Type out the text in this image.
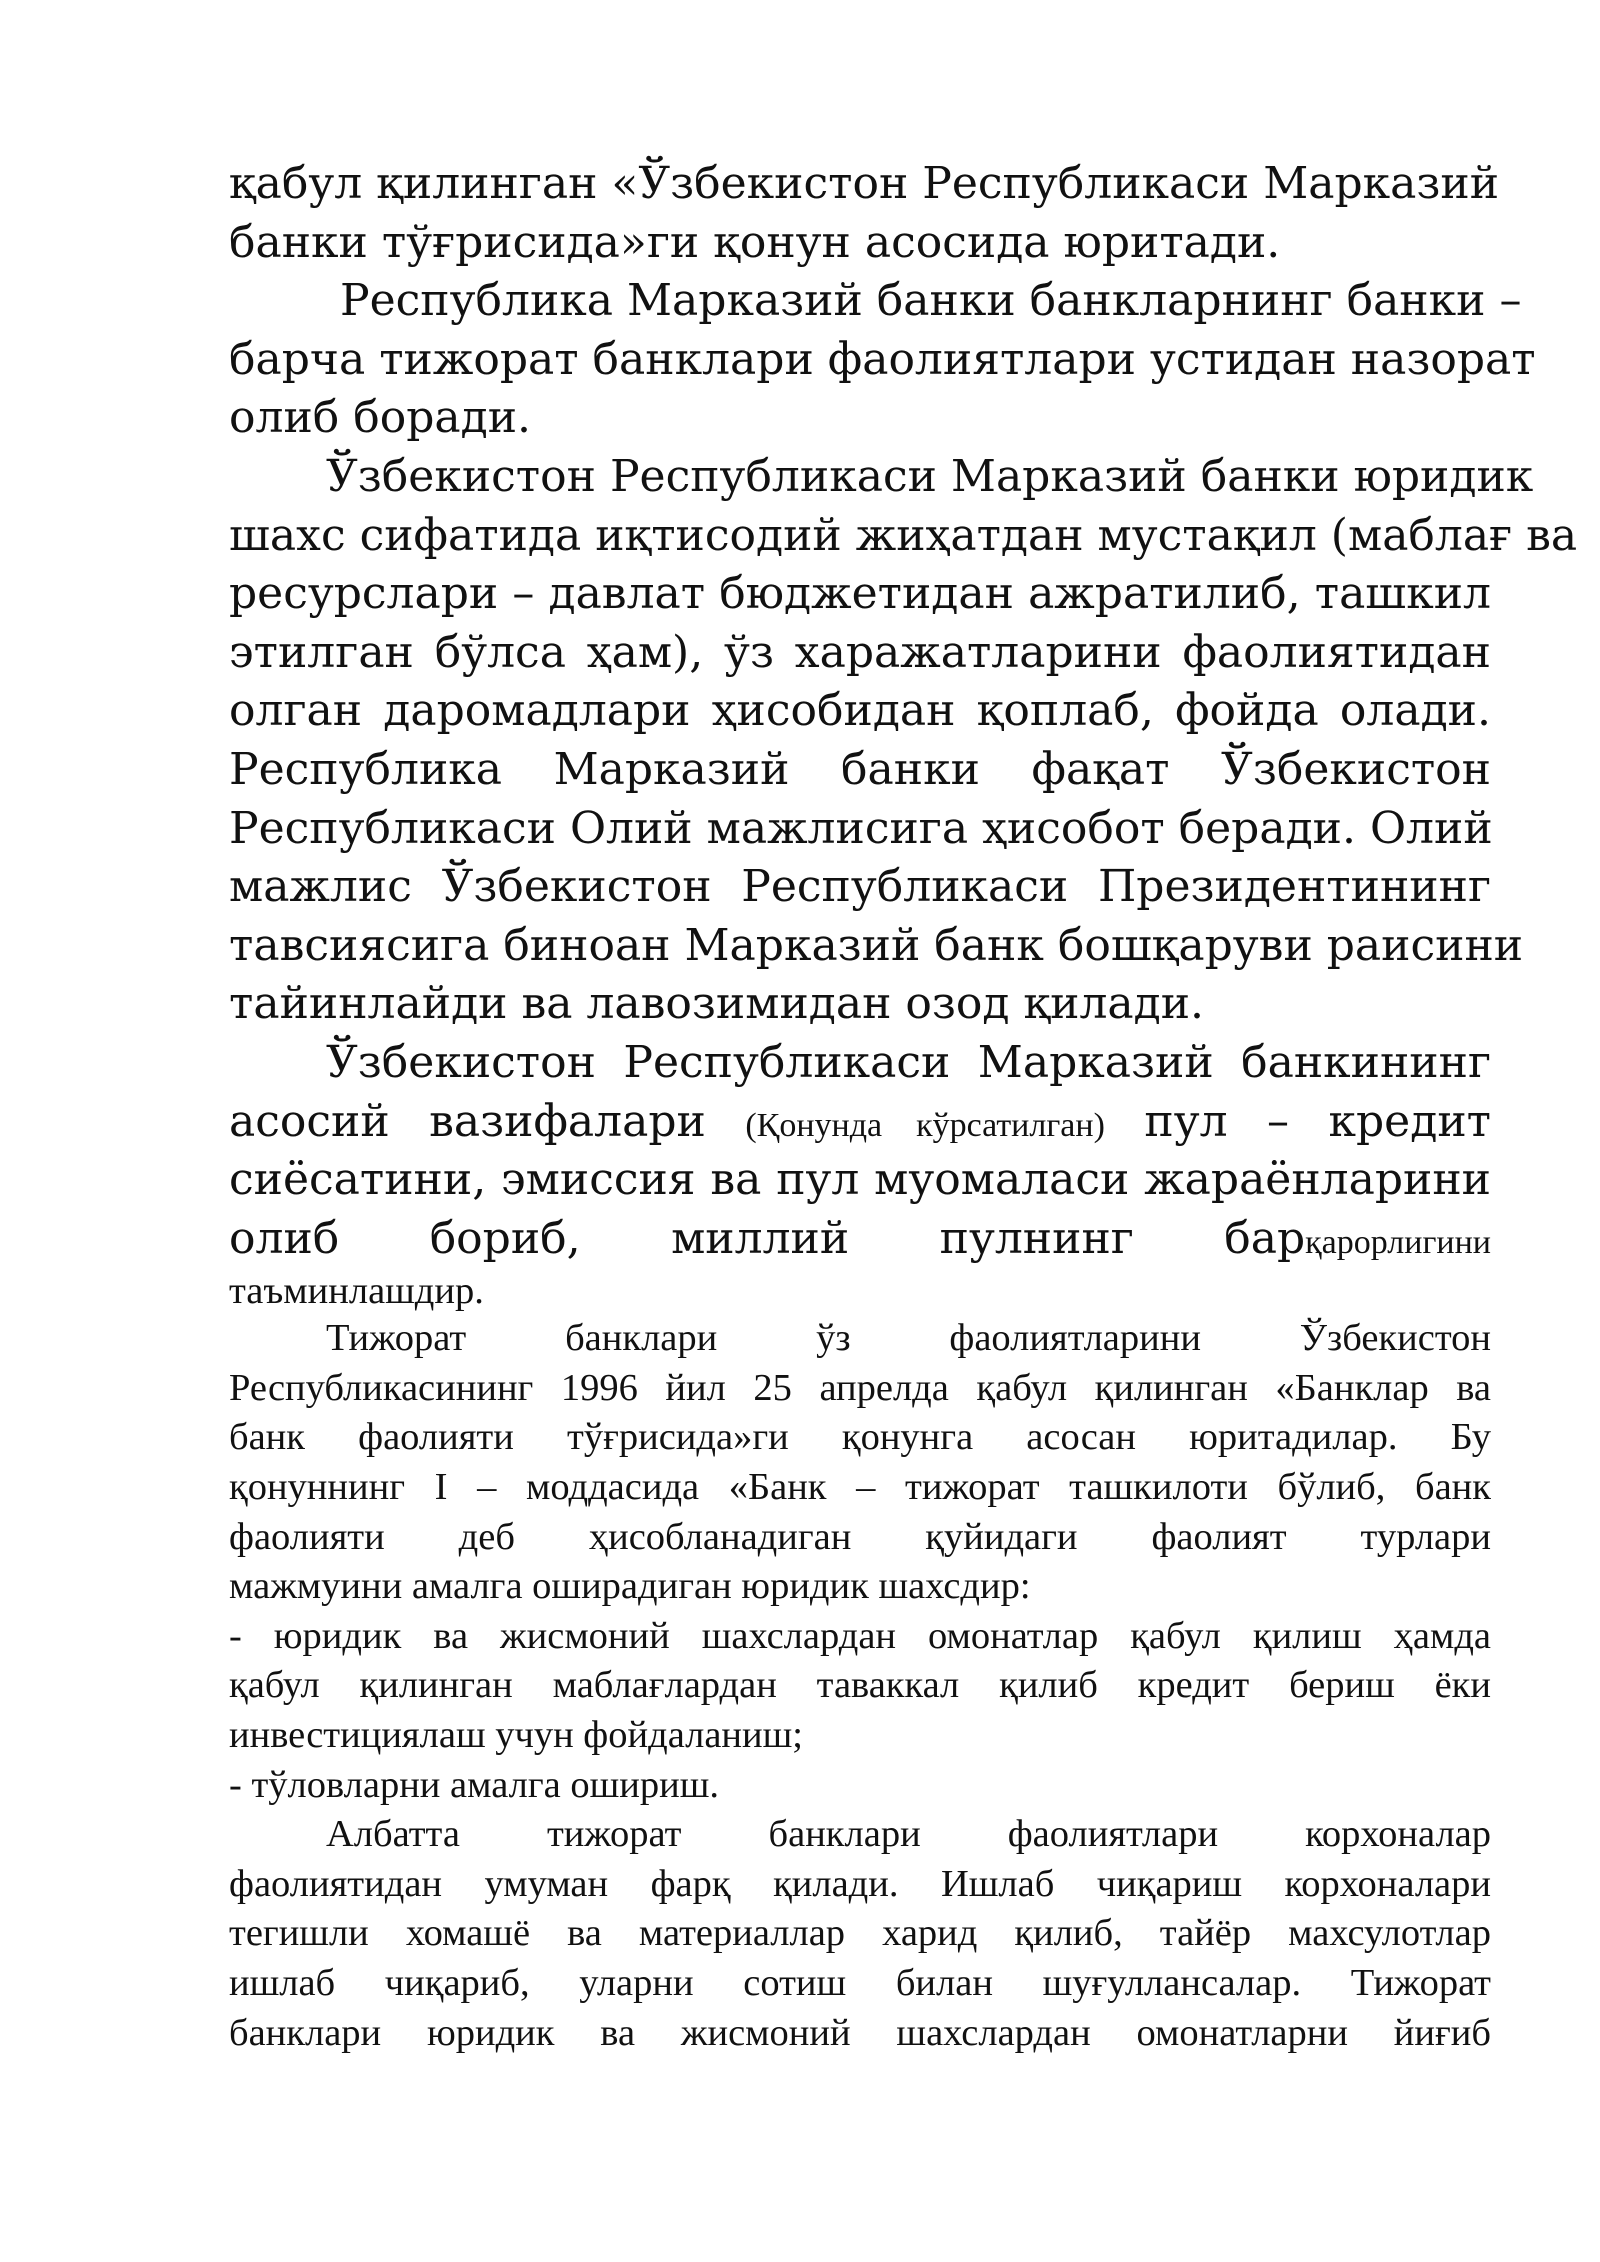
қабул қилинган «Ўзбекистон Республикаси Марказий
банки тўғрисида»ги қонун асосида юритади.
Республика Марказий банки банкларнинг банки –
барча тижорат банклари фаолиятлари устидан назорат
олиб боради.
Ўзбекистон Республикаси Марказий банки юридик
шахс сифатида иқтисодий жиҳатдан мустақил (маблағ ва
ресурслари – давлат бюджетидан ажратилиб, ташкил
этилган бўлса ҳам), ўз харажатларини фаолиятидан
олган даромадлари ҳисобидан қоплаб, фойда олади.
Республика Марказий банки фақат Ўзбекистон
Республикаси Олий мажлисига ҳисобот беради. Олий
мажлис Ўзбекистон Республикаси Президентининг
тавсиясига биноан Марказий банк бошқаруви раисини
тайинлайди ва лавозимидан озод қилади.
Ўзбекистон Республикаси Марказий банкининг
асосий вазифалари (Қонунда кўрсатилган) пул – кредит
сиёсатини, эмиссия ва пул муомаласи жараёнларини
олиб бориб, миллий пулнинг барқарорлигини
таъминлашдир.
Тижорат банклари ўз фаолиятларини Ўзбекистон
Республикасининг 1996 йил 25 апрелда қабул қилинган «Банклар ва
банк фаолияти тўғрисида»ги қонунга асосан юритадилар. Бу
қонуннинг I – моддасида «Банк – тижорат ташкилоти бўлиб, банк
фаолияти деб ҳисобланадиган қуйидаги фаолият турлари
мажмуини амалга оширадиган юридик шахсдир:
- юридик ва жисмоний шахслардан омонатлар қабул қилиш ҳамда
қабул қилинган маблағлардан таваккал қилиб кредит бериш ёки
инвестициялаш учун фойдаланиш;
- тўловларни амалга ошириш.
Албатта тижорат банклари фаолиятлари корхоналар
фаолиятидан умуман фарқ қилади. Ишлаб чиқариш корхоналари
тегишли хомашё ва материаллар харид қилиб, тайёр махсулотлар
ишлаб чиқариб, уларни сотиш билан шуғуллансалар. Тижорат
банклари юридик ва жисмоний шахслардан омонатларни йиғиб
